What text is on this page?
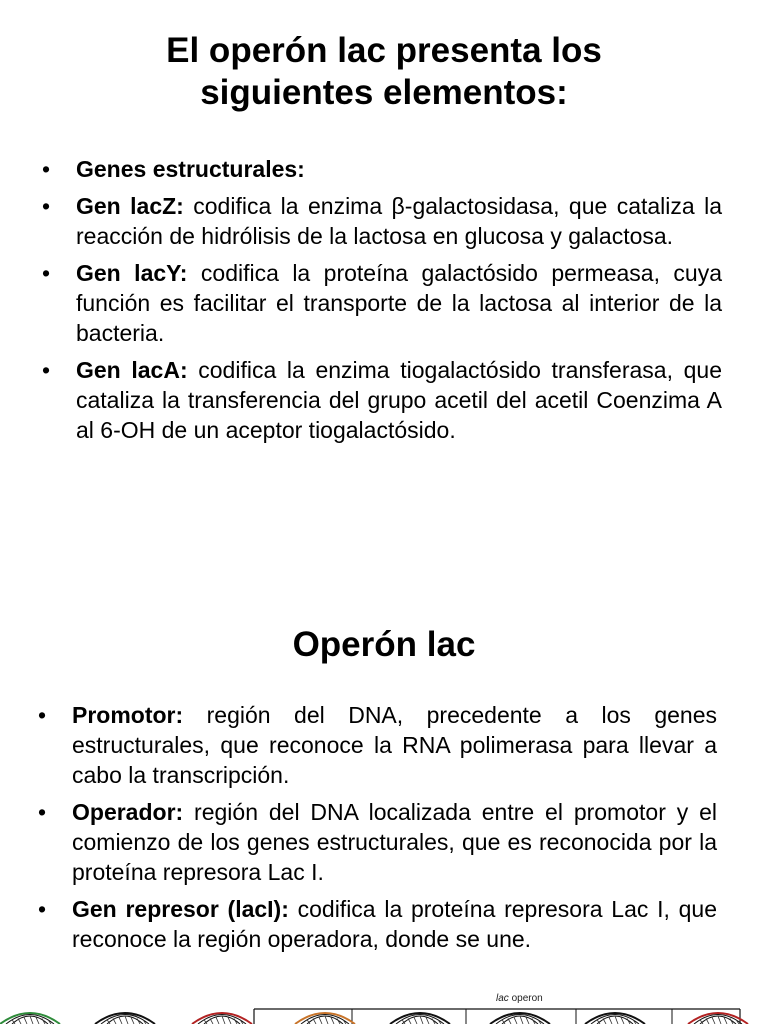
El operón lac presenta los
siguientes elementos:
• Genes estructurales:
• Gen lacZ: codifica la enzima β-galactosidasa, que cataliza la reacción de hidrólisis de la lactosa en glucosa y galactosa.
• Gen lacY: codifica la proteína galactósido permeasa, cuya función es facilitar el transporte de la lactosa al interior de la bacteria.
• Gen lacA: codifica la enzima tiogalactósido transferasa, que cataliza la transferencia del grupo acetil del acetil Coenzima A al 6-OH de un aceptor tiogalactósido.
Operón lac
• Promotor: región del DNA, precedente a los genes estructurales, que reconoce la RNA polimerasa para llevar a cabo la transcripción.
• Operador: región del DNA localizada entre el promotor y el comienzo de los genes estructurales, que es reconocida por la proteína represora Lac I.
• Gen represor (lacI): codifica la proteína represora Lac I, que reconoce la región operadora, donde se une.
lac operon
